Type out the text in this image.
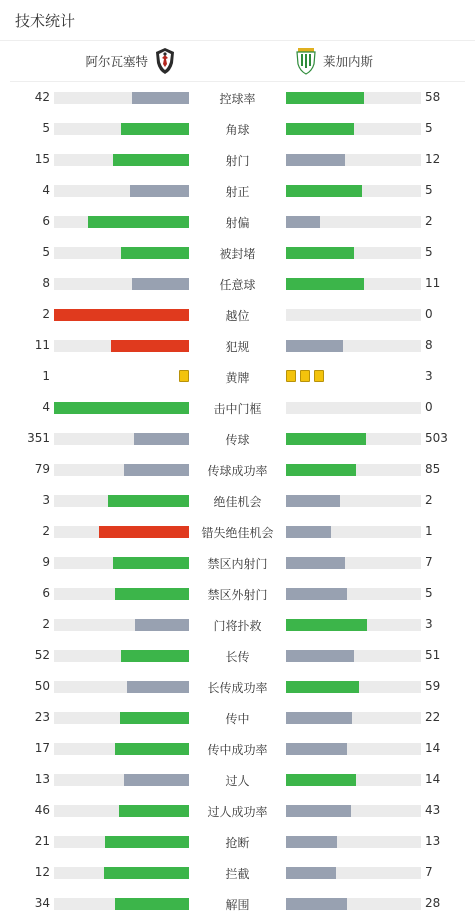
技术统计
阿尔瓦塞特	莱加内斯
42	控球率	58
5	角球	5
15	射门	12
4	射正	5
6	射偏	2
5	被封堵	5
8	任意球	11
2	越位	0
11	犯规	8
1	黄牌	3
4	击中门框	0
351	传球	503
79	传球成功率	85
3	绝佳机会	2
2	错失绝佳机会	1
9	禁区内射门	7
6	禁区外射门	5
2	门将扑救	3
52	长传	51
50	长传成功率	59
23	传中	22
17	传中成功率	14
13	过人	14
46	过人成功率	43
21	抢断	13
12	拦截	7
34	解围	28
